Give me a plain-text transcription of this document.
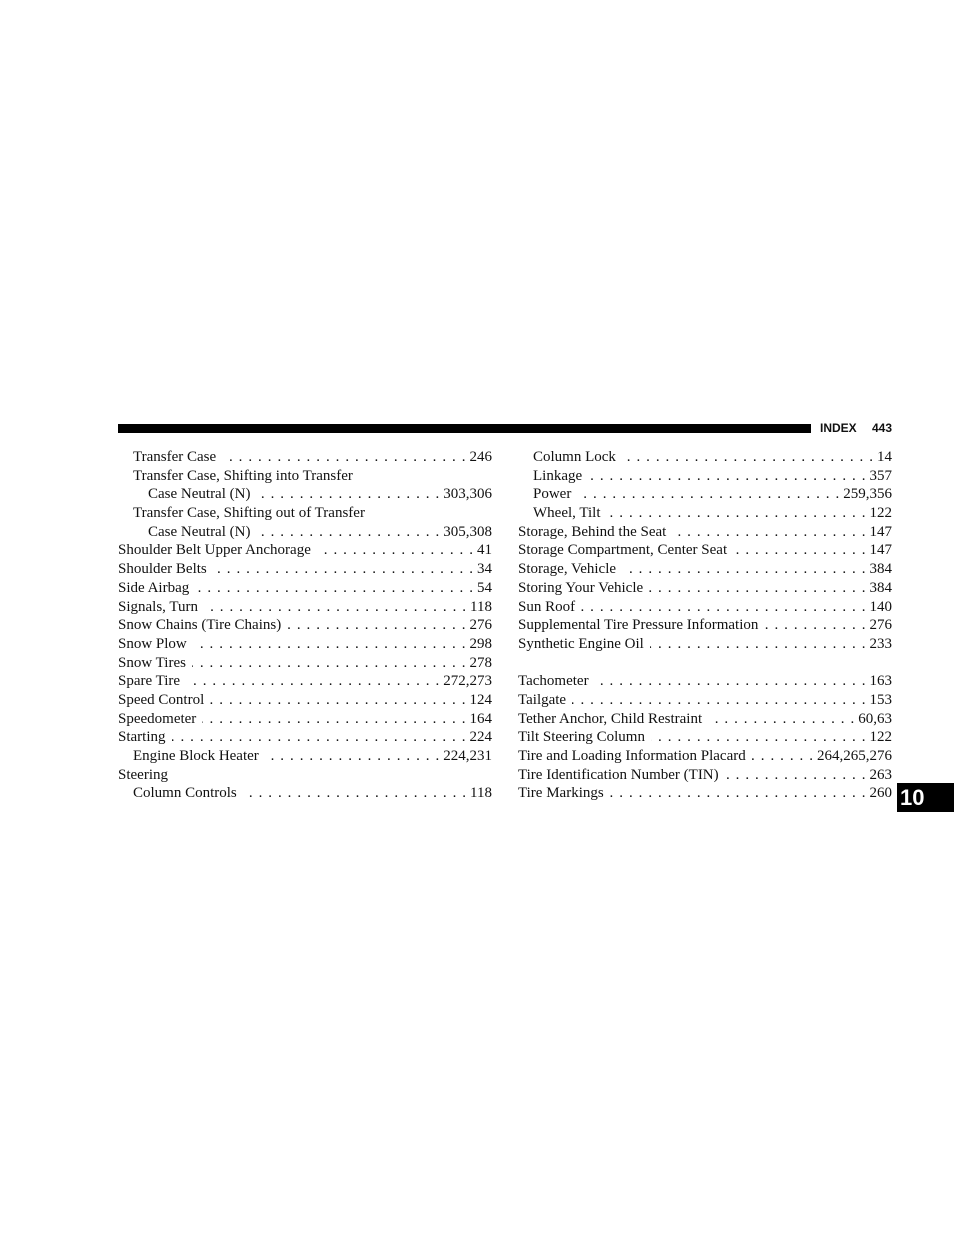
INDEX 443
Transfer Case . . .	246
Transfer Case, Shifting into Transfer
Case Neutral (N) . . .	303,306
Transfer Case, Shifting out of Transfer
Case Neutral (N) . . .	305,308
Shoulder Belt Upper Anchorage . . .	41
Shoulder Belts . . .	34
Side Airbag . . .	54
Signals, Turn . . .	118
Snow Chains (Tire Chains) . . .	276
Snow Plow . . .	298
Snow Tires . . .	278
Spare Tire . . .	272,273
Speed Control . . .	124
Speedometer . . .	164
Starting . . .	224
Engine Block Heater . . .	224,231
Steering
Column Controls . . .	118
Column Lock . . .	14
Linkage . . .	357
Power . . .	259,356
Wheel, Tilt . . .	122
Storage, Behind the Seat . . .	147
Storage Compartment, Center Seat . . .	147
Storage, Vehicle . . .	384
Storing Your Vehicle . . .	384
Sun Roof . . .	140
Supplemental Tire Pressure Information . . .	276
Synthetic Engine Oil . . .	233
Tachometer . . .	163
Tailgate . . .	153
Tether Anchor, Child Restraint . . .	60,63
Tilt Steering Column . . .	122
Tire and Loading Information Placard . . .	264,265,276
Tire Identification Number (TIN) . . .	263
Tire Markings . . .	260 10
